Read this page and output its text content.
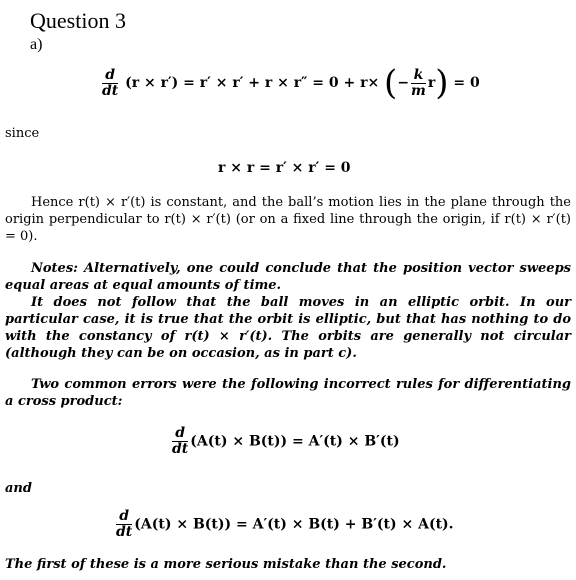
Question 3
a)
$\frac{d}{dt} (r \times r') = r' \times r' + r \times r'' = 0 + r\times$ (− $\frac{k}{m} r) = 0$
since
r × r = r′ × r′ = 0
Hence r(t) × r′(t) is constant, and the ball’s motion lies in the plane through the origin perpendicular to r(t) × r′(t) (or on a fixed line through the origin, if r(t) × r′(t) = 0).
Notes: Alternatively, one could conclude that the position vector sweeps equal areas at equal amounts of time.
It does not follow that the ball moves in an elliptic orbit. In our particular case, it is true that the orbit is elliptic, but that has nothing to do with the constancy of r(t) × r′(t). The orbits are generally not circular (although they can be on occasion, as in part c).
Two common errors were the following incorrect rules for differentiating a cross product:
$\frac{d}{dt} (A(t) \times B(t)) = A'(t) \times B'(t)$
and
$\frac{d}{dt} (A(t) \times B(t)) = A'(t) \times B(t) + B'(t) \times A(t)$.
The first of these is a more serious mistake than the second.
